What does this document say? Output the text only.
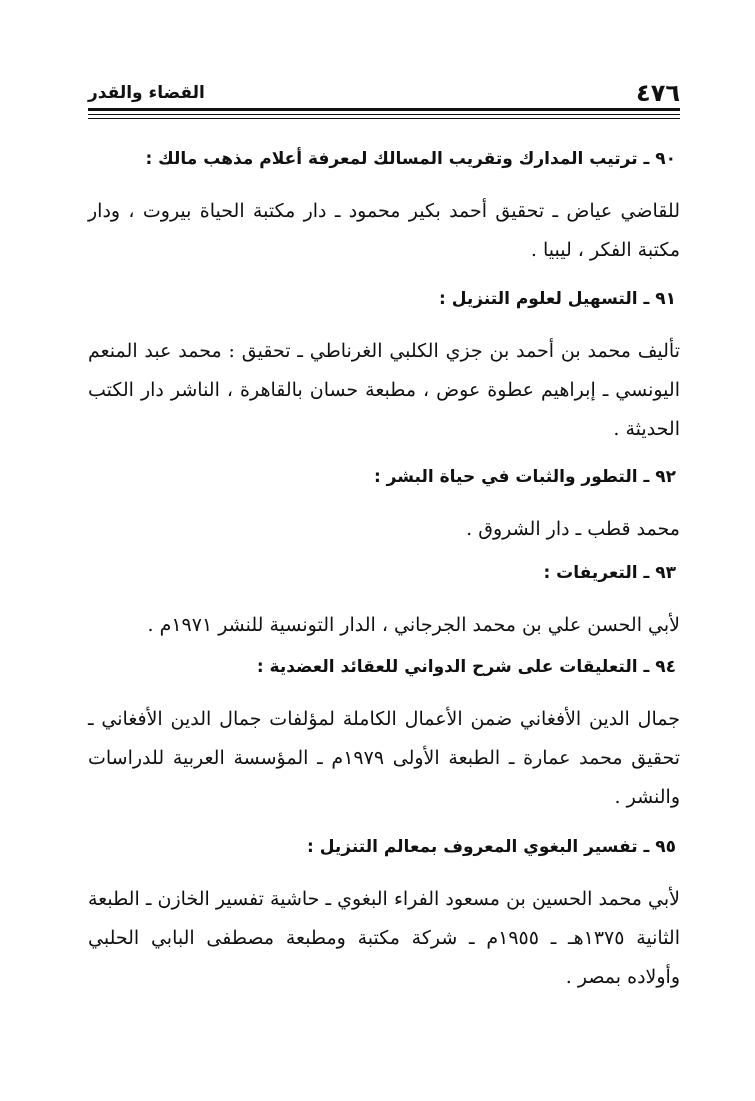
٤٧٦
القضاء والقدر

٩٠ ـ ترتيب المدارك وتقريب المسالك لمعرفة أعلام مذهب مالك :

للقاضي عياض ـ تحقيق أحمد بكير محمود ـ دار مكتبة الحياة بيروت ، ودار مكتبة الفكر ، ليبيا .

٩١ ـ التسهيل لعلوم التنزيل :

تأليف محمد بن أحمد بن جزي الكلبي الغرناطي ـ تحقيق : محمد عبد المنعم اليونسي ـ إبراهيم عطوة عوض ، مطبعة حسان بالقاهرة ، الناشر دار الكتب الحديثة .

٩٢ ـ التطور والثبات في حياة البشر :

محمد قطب ـ دار الشروق .

٩٣ ـ التعريفات :

لأبي الحسن علي بن محمد الجرجاني ، الدار التونسية للنشر ١٩٧١م .

٩٤ ـ التعليقات على شرح الدواني للعقائد العضدية :

جمال الدين الأفغاني ضمن الأعمال الكاملة لمؤلفات جمال الدين الأفغاني ـ تحقيق محمد عمارة ـ الطبعة الأولى ١٩٧٩م ـ المؤسسة العربية للدراسات والنشر .

٩٥ ـ تفسير البغوي المعروف بمعالم التنزيل :

لأبي محمد الحسين بن مسعود الفراء البغوي ـ حاشية تفسير الخازن ـ الطبعة الثانية ١٣٧٥هـ ـ ١٩٥٥م ـ شركة مكتبة ومطبعة مصطفى البابي الحلبي وأولاده بمصر .
